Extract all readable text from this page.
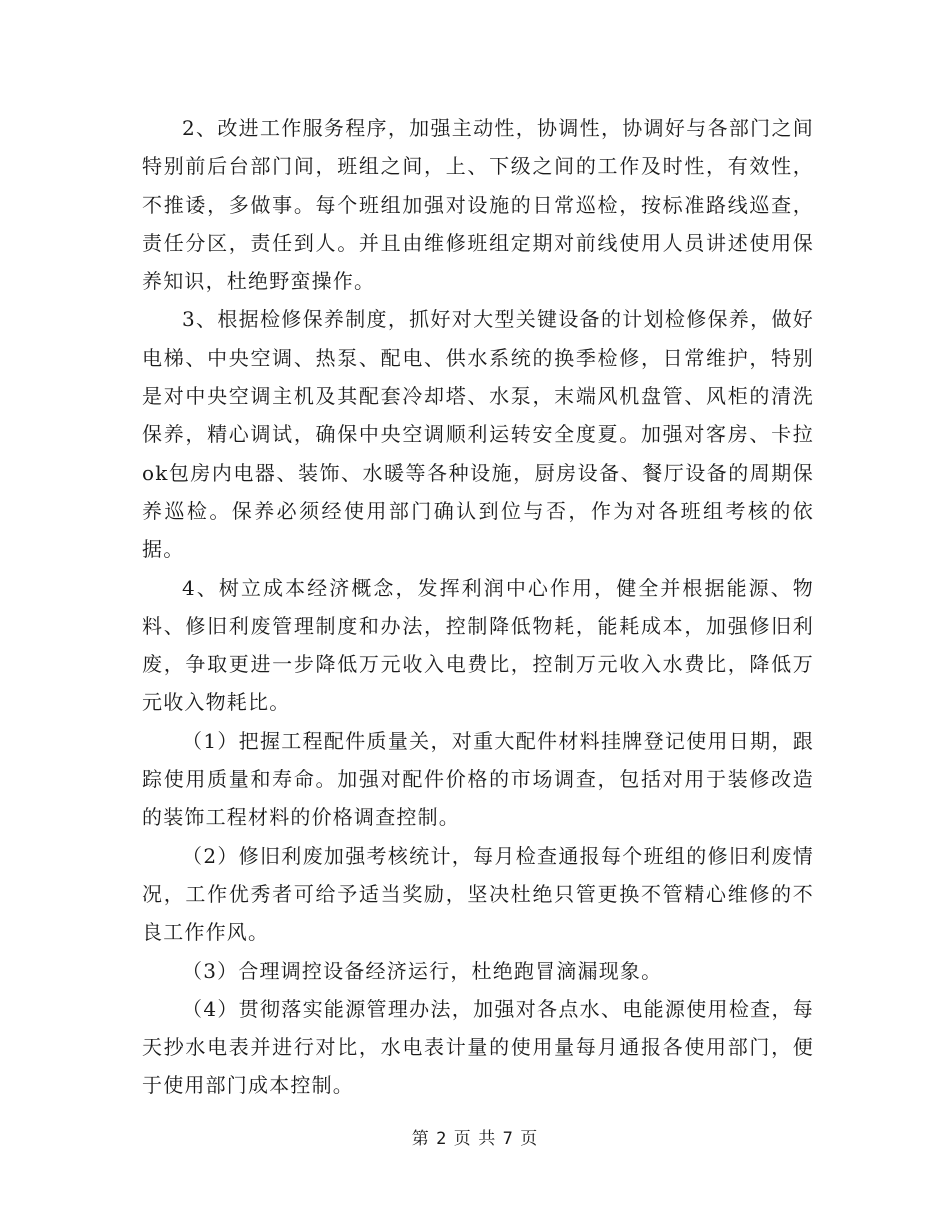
2、改进工作服务程序，加强主动性，协调性，协调好与各部门之间特别前后台部门间，班组之间，上、下级之间的工作及时性，有效性，不推诿，多做事。每个班组加强对设施的日常巡检，按标准路线巡查，责任分区，责任到人。并且由维修班组定期对前线使用人员讲述使用保养知识，杜绝野蛮操作。

3、根据检修保养制度，抓好对大型关键设备的计划检修保养，做好电梯、中央空调、热泵、配电、供水系统的换季检修，日常维护，特别是对中央空调主机及其配套冷却塔、水泵，末端风机盘管、风柜的清洗保养，精心调试，确保中央空调顺利运转安全度夏。加强对客房、卡拉ok包房内电器、装饰、水暖等各种设施，厨房设备、餐厅设备的周期保养巡检。保养必须经使用部门确认到位与否，作为对各班组考核的依据。

4、树立成本经济概念，发挥利润中心作用，健全并根据能源、物料、修旧利废管理制度和办法，控制降低物耗，能耗成本，加强修旧利废，争取更进一步降低万元收入电费比，控制万元收入水费比，降低万元收入物耗比。

（1）把握工程配件质量关，对重大配件材料挂牌登记使用日期，跟踪使用质量和寿命。加强对配件价格的市场调查，包括对用于装修改造的装饰工程材料的价格调查控制。

（2）修旧利废加强考核统计，每月检查通报每个班组的修旧利废情况，工作优秀者可给予适当奖励，坚决杜绝只管更换不管精心维修的不良工作作风。

（3）合理调控设备经济运行，杜绝跑冒滴漏现象。

（4）贯彻落实能源管理办法，加强对各点水、电能源使用检查，每天抄水电表并进行对比，水电表计量的使用量每月通报各使用部门，便于使用部门成本控制。

第 2 页 共 7 页
